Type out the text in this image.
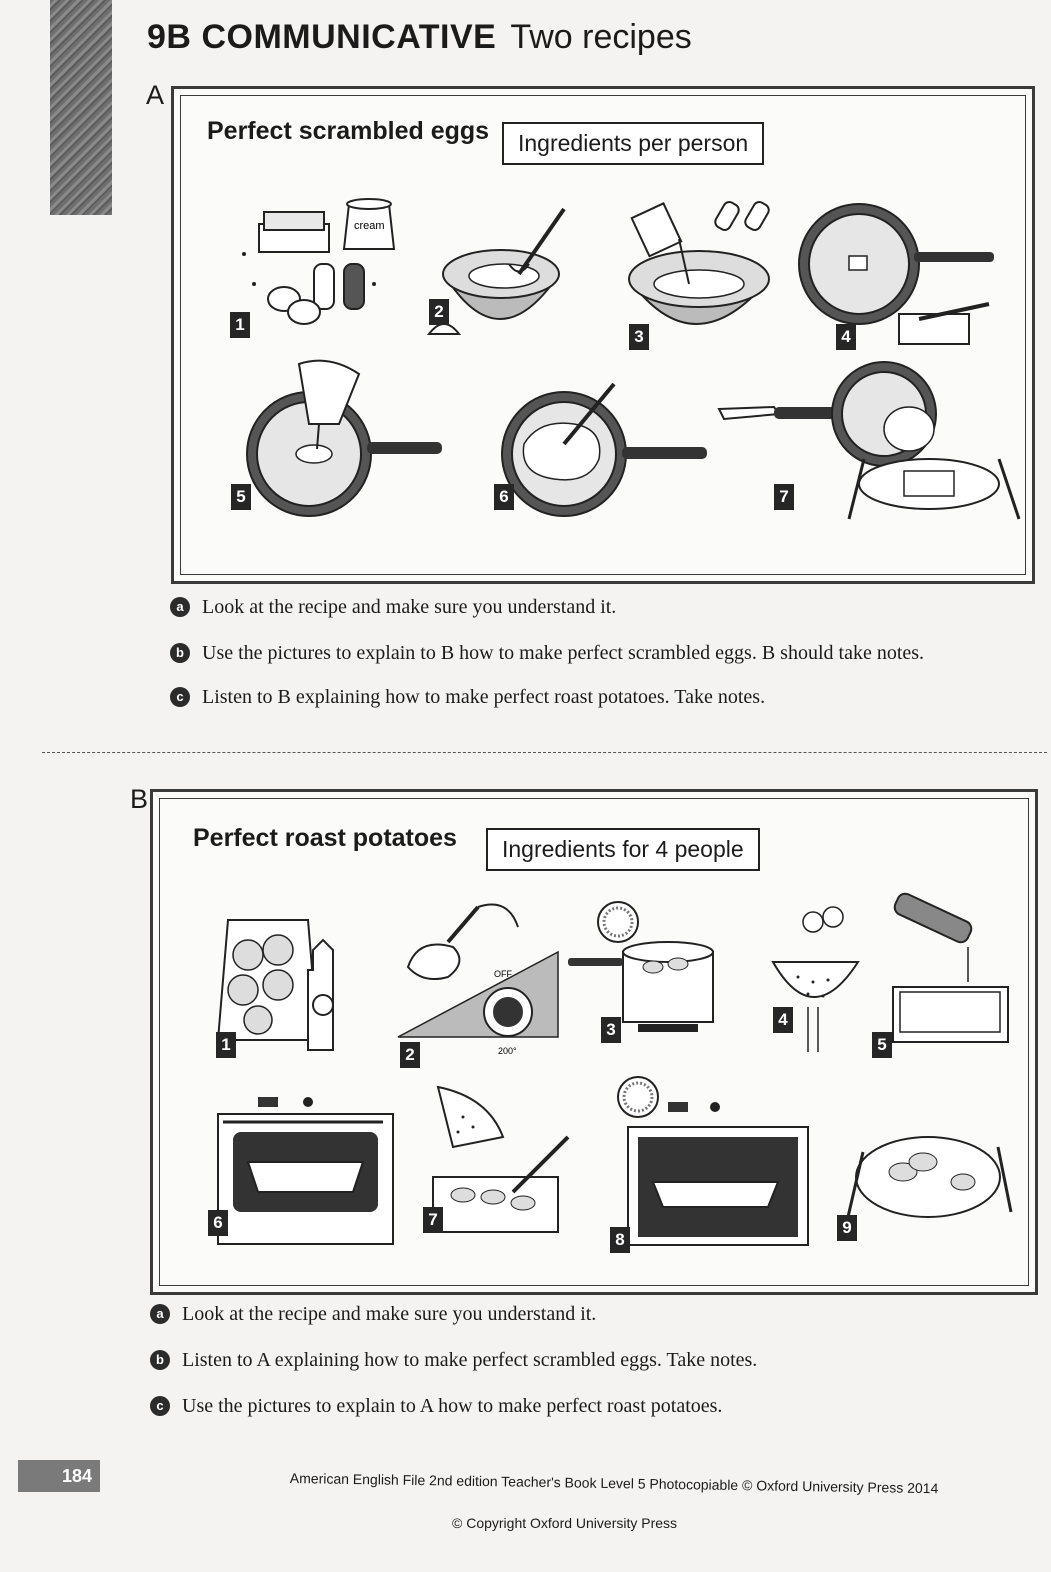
9B COMMUNICATIVE Two recipes
A
Perfect scrambled eggs	Ingredients per person
cream
1
2
3	4
5	6	7
a Look at the recipe and make sure you understand it.
b Use the pictures to explain to B how to make perfect scrambled eggs. B should take notes.
c Listen to B explaining how to make perfect roast potatoes. Take notes.
B
Perfect roast potatoes	Ingredients for 4 people
1
OFF
200°
2
3
4
5
6	7
8
9
a Look at the recipe and make sure you understand it.
b Listen to A explaining how to make perfect scrambled eggs. Take notes.
c Use the pictures to explain to A how to make perfect roast potatoes.
184	American English File 2nd edition Teacher's Book Level 5 Photocopiable © Oxford University Press 2014
© Copyright Oxford University Press
